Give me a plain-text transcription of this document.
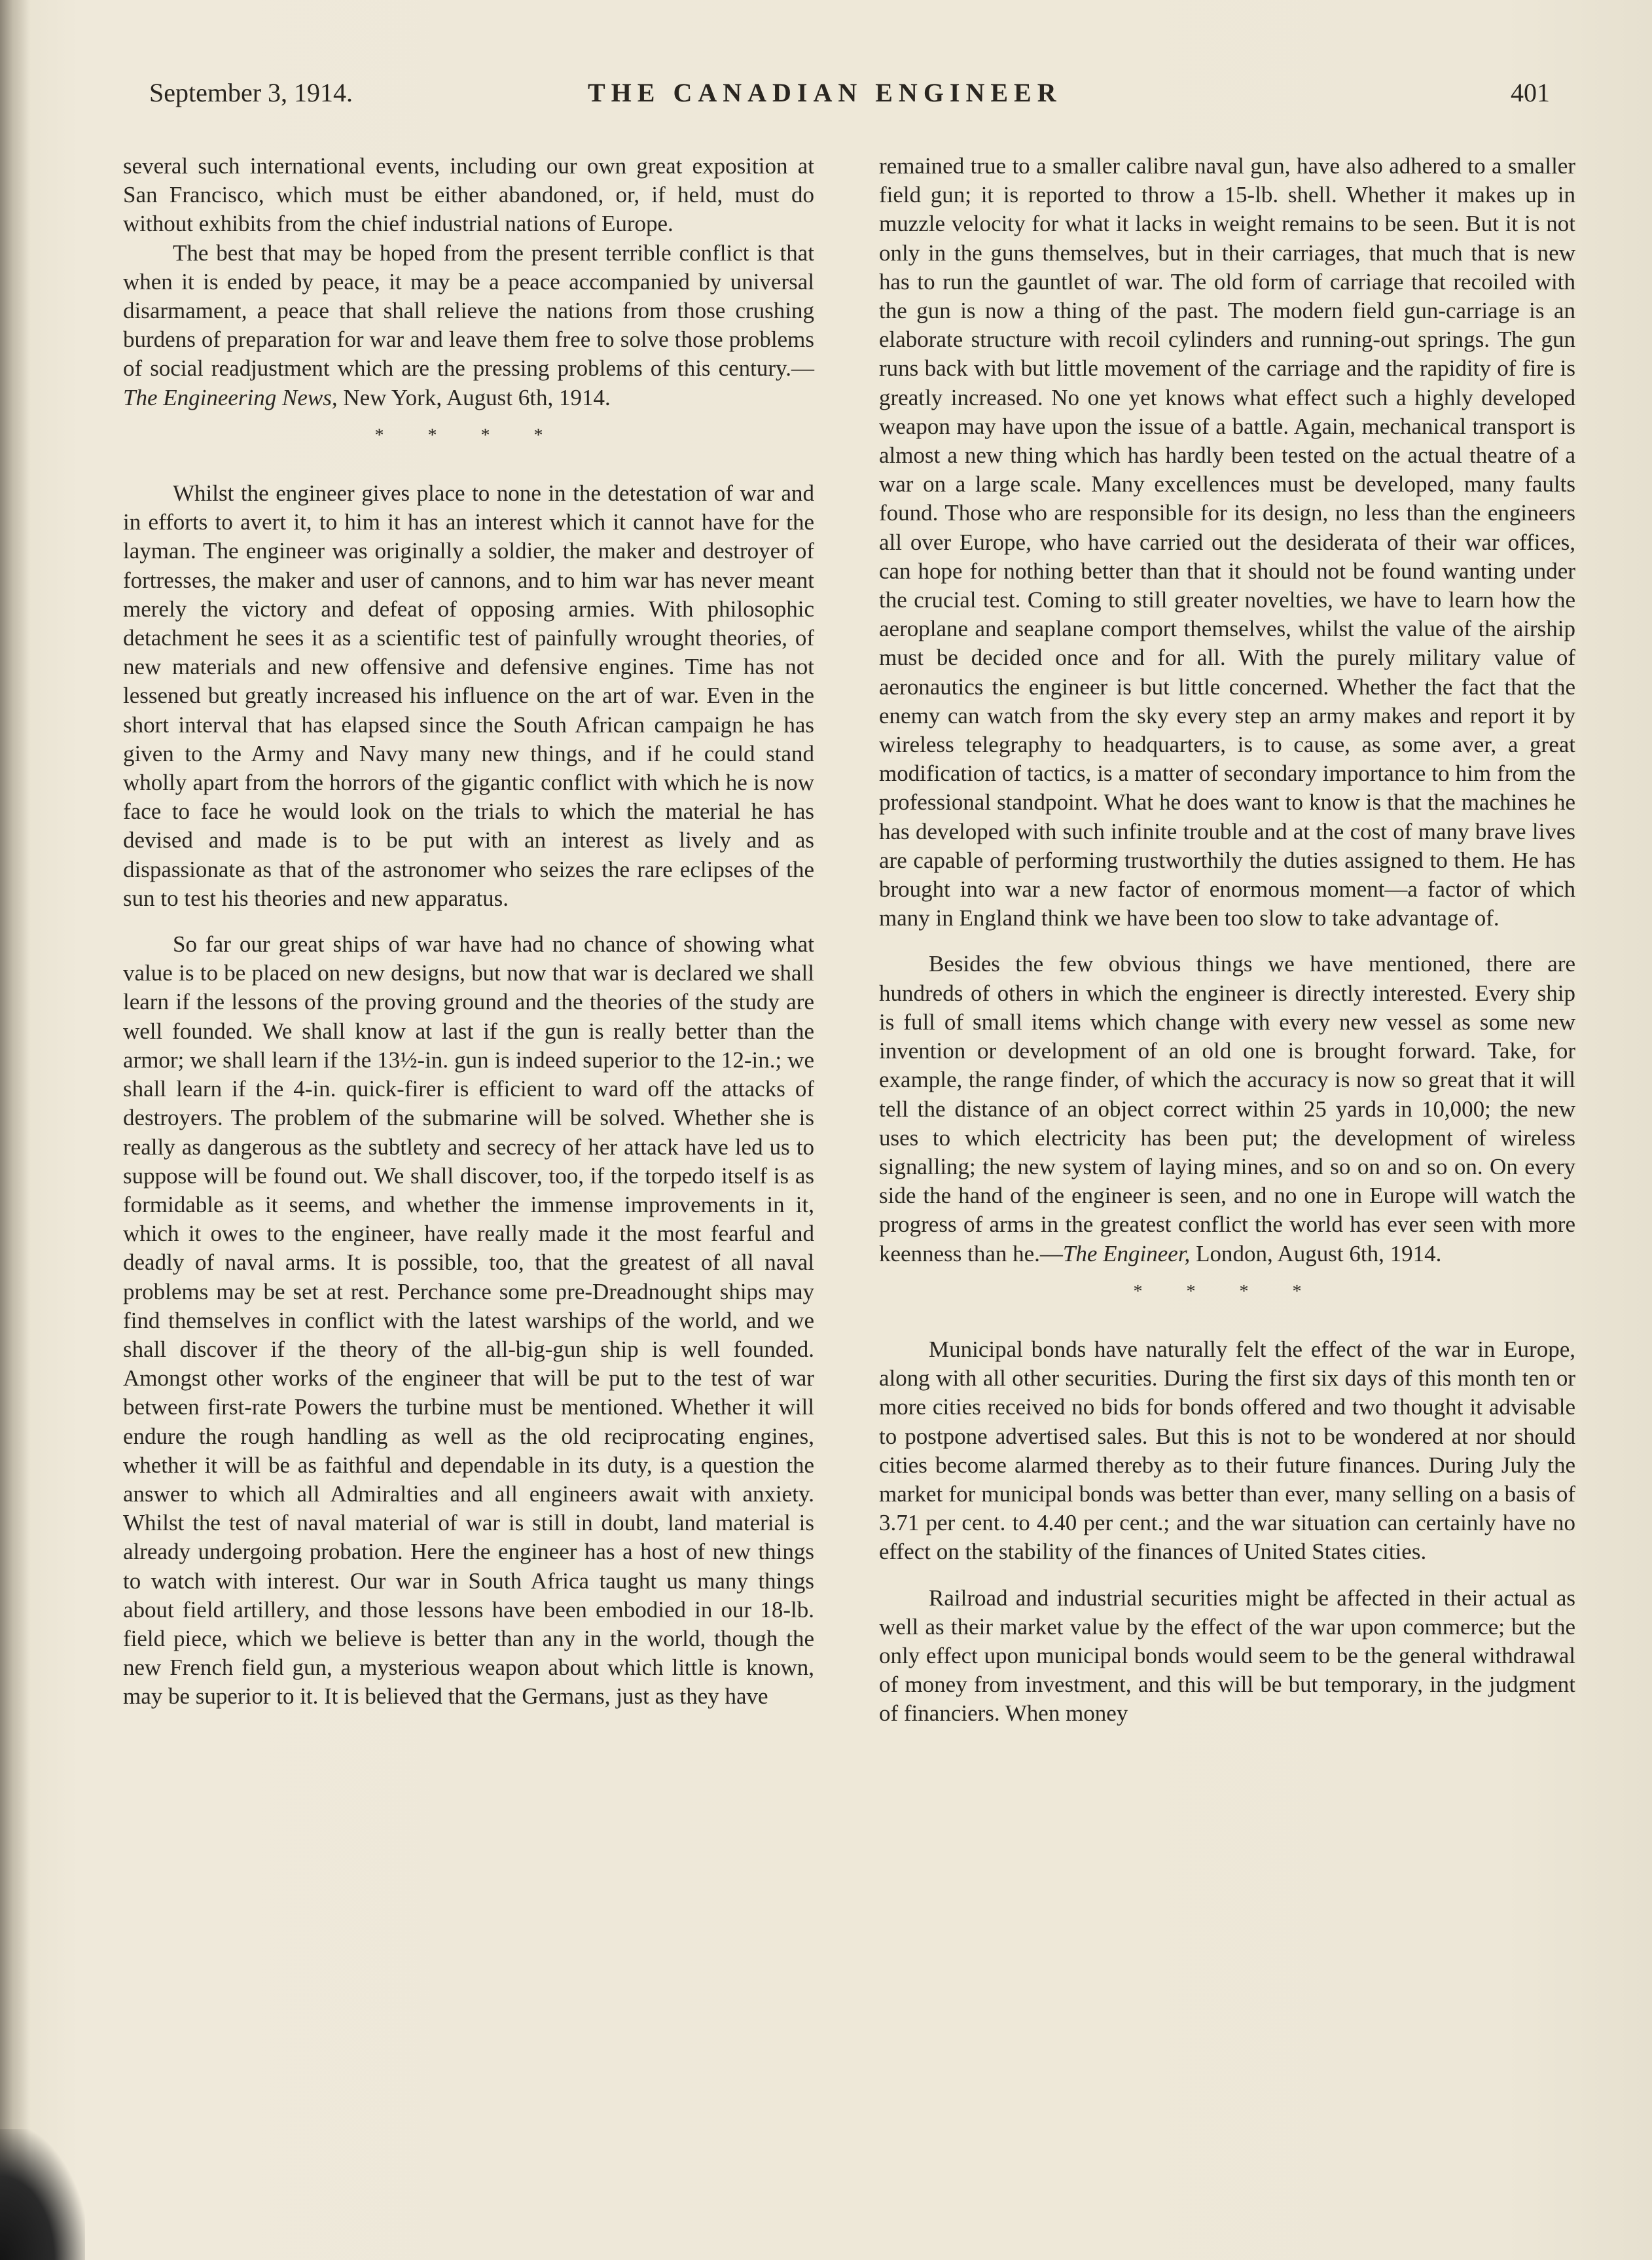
September 3, 1914.	THE CANADIAN ENGINEER	401

several such international events, including our own great exposition at San Francisco, which must be either abandoned, or, if held, must do without exhibits from the chief industrial nations of Europe.

The best that may be hoped from the present terrible conflict is that when it is ended by peace, it may be a peace accompanied by universal disarmament, a peace that shall relieve the nations from those crushing burdens of preparation for war and leave them free to solve those problems of social readjustment which are the pressing problems of this century.—The Engineering News, New York, August 6th, 1914.

* * * *

Whilst the engineer gives place to none in the detestation of war and in efforts to avert it, to him it has an interest which it cannot have for the layman. The engineer was originally a soldier, the maker and destroyer of fortresses, the maker and user of cannons, and to him war has never meant merely the victory and defeat of opposing armies. With philosophic detachment he sees it as a scientific test of painfully wrought theories, of new materials and new offensive and defensive engines. Time has not lessened but greatly increased his influence on the art of war. Even in the short interval that has elapsed since the South African campaign he has given to the Army and Navy many new things, and if he could stand wholly apart from the horrors of the gigantic conflict with which he is now face to face he would look on the trials to which the material he has devised and made is to be put with an interest as lively and as dispassionate as that of the astronomer who seizes the rare eclipses of the sun to test his theories and new apparatus.

So far our great ships of war have had no chance of showing what value is to be placed on new designs, but now that war is declared we shall learn if the lessons of the proving ground and the theories of the study are well founded. We shall know at last if the gun is really better than the armor; we shall learn if the 13½-in. gun is indeed superior to the 12-in.; we shall learn if the 4-in. quick-firer is efficient to ward off the attacks of destroyers. The problem of the submarine will be solved. Whether she is really as dangerous as the subtlety and secrecy of her attack have led us to suppose will be found out. We shall discover, too, if the torpedo itself is as formidable as it seems, and whether the immense improvements in it, which it owes to the engineer, have really made it the most fearful and deadly of naval arms. It is possible, too, that the greatest of all naval problems may be set at rest. Perchance some pre-Dreadnought ships may find themselves in conflict with the latest warships of the world, and we shall discover if the theory of the all-big-gun ship is well founded. Amongst other works of the engineer that will be put to the test of war between first-rate Powers the turbine must be mentioned. Whether it will endure the rough handling as well as the old reciprocating engines, whether it will be as faithful and dependable in its duty, is a question the answer to which all Admiralties and all engineers await with anxiety. Whilst the test of naval material of war is still in doubt, land material is already undergoing probation. Here the engineer has a host of new things to watch with interest. Our war in South Africa taught us many things about field artillery, and those lessons have been embodied in our 18-lb. field piece, which we believe is better than any in the world, though the new French field gun, a mysterious weapon about which little is known, may be superior to it. It is believed that the Germans, just as they have

remained true to a smaller calibre naval gun, have also adhered to a smaller field gun; it is reported to throw a 15-lb. shell. Whether it makes up in muzzle velocity for what it lacks in weight remains to be seen. But it is not only in the guns themselves, but in their carriages, that much that is new has to run the gauntlet of war. The old form of carriage that recoiled with the gun is now a thing of the past. The modern field gun-carriage is an elaborate structure with recoil cylinders and running-out springs. The gun runs back with but little movement of the carriage and the rapidity of fire is greatly increased. No one yet knows what effect such a highly developed weapon may have upon the issue of a battle. Again, mechanical transport is almost a new thing which has hardly been tested on the actual theatre of a war on a large scale. Many excellences must be developed, many faults found. Those who are responsible for its design, no less than the engineers all over Europe, who have carried out the desiderata of their war offices, can hope for nothing better than that it should not be found wanting under the crucial test. Coming to still greater novelties, we have to learn how the aeroplane and seaplane comport themselves, whilst the value of the airship must be decided once and for all. With the purely military value of aeronautics the engineer is but little concerned. Whether the fact that the enemy can watch from the sky every step an army makes and report it by wireless telegraphy to headquarters, is to cause, as some aver, a great modification of tactics, is a matter of secondary importance to him from the professional standpoint. What he does want to know is that the machines he has developed with such infinite trouble and at the cost of many brave lives are capable of performing trustworthily the duties assigned to them. He has brought into war a new factor of enormous moment—a factor of which many in England think we have been too slow to take advantage of.

Besides the few obvious things we have mentioned, there are hundreds of others in which the engineer is directly interested. Every ship is full of small items which change with every new vessel as some new invention or development of an old one is brought forward. Take, for example, the range finder, of which the accuracy is now so great that it will tell the distance of an object correct within 25 yards in 10,000; the new uses to which electricity has been put; the development of wireless signalling; the new system of laying mines, and so on and so on. On every side the hand of the engineer is seen, and no one in Europe will watch the progress of arms in the greatest conflict the world has ever seen with more keenness than he.—The Engineer, London, August 6th, 1914.

* * * *

Municipal bonds have naturally felt the effect of the war in Europe, along with all other securities. During the first six days of this month ten or more cities received no bids for bonds offered and two thought it advisable to postpone advertised sales. But this is not to be wondered at nor should cities become alarmed thereby as to their future finances. During July the market for municipal bonds was better than ever, many selling on a basis of 3.71 per cent. to 4.40 per cent.; and the war situation can certainly have no effect on the stability of the finances of United States cities.

Railroad and industrial securities might be affected in their actual as well as their market value by the effect of the war upon commerce; but the only effect upon municipal bonds would seem to be the general withdrawal of money from investment, and this will be but temporary, in the judgment of financiers. When money
